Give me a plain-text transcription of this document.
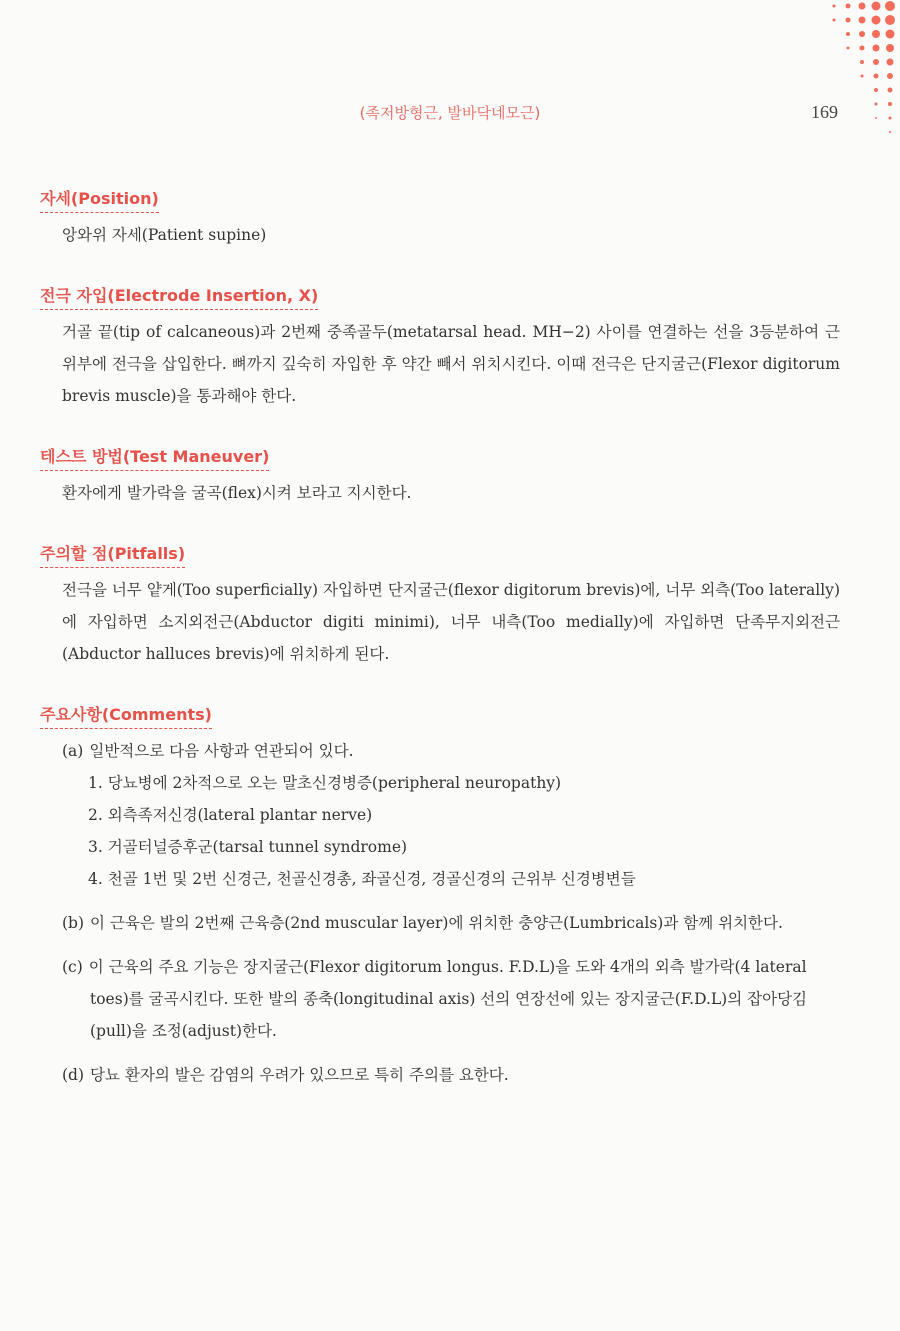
(족저방형근, 발바닥네모근)	169
자세(Position)
앙와위 자세(Patient supine)
전극 자입(Electrode Insertion, X)
거골 끝(tip of calcaneous)과 2번째 중족골두(metatarsal head. MH−2) 사이를 연결하는 선을 3등분하여 근위부에 전극을 삽입한다. 뼈까지 깊숙히 자입한 후 약간 빼서 위치시킨다. 이때 전극은 단지굴근(Flexor digitorum brevis muscle)을 통과해야 한다.
테스트 방법(Test Maneuver)
환자에게 발가락을 굴곡(flex)시켜 보라고 지시한다.
주의할 점(Pitfalls)
전극을 너무 얕게(Too superficially) 자입하면 단지굴근(flexor digitorum brevis)에, 너무 외측(Too laterally)에 자입하면 소지외전근(Abductor digiti minimi), 너무 내측(Too medially)에 자입하면 단족무지외전근(Abductor halluces brevis)에 위치하게 된다.
주요사항(Comments)
(a) 일반적으로 다음 사항과 연관되어 있다.
1. 당뇨병에 2차적으로 오는 말초신경병증(peripheral neuropathy)
2. 외측족저신경(lateral plantar nerve)
3. 거골터널증후군(tarsal tunnel syndrome)
4. 천골 1번 및 2번 신경근, 천골신경총, 좌골신경, 경골신경의 근위부 신경병변들
(b) 이 근육은 발의 2번째 근육층(2nd muscular layer)에 위치한 충양근(Lumbricals)과 함께 위치한다.
(c) 이 근육의 주요 기능은 장지굴근(Flexor digitorum longus. F.D.L)을 도와 4개의 외측 발가락(4 lateral toes)를 굴곡시킨다. 또한 발의 종축(longitudinal axis) 선의 연장선에 있는 장지굴근(F.D.L)의 잡아당김(pull)을 조정(adjust)한다.
(d) 당뇨 환자의 발은 감염의 우려가 있으므로 특히 주의를 요한다.
